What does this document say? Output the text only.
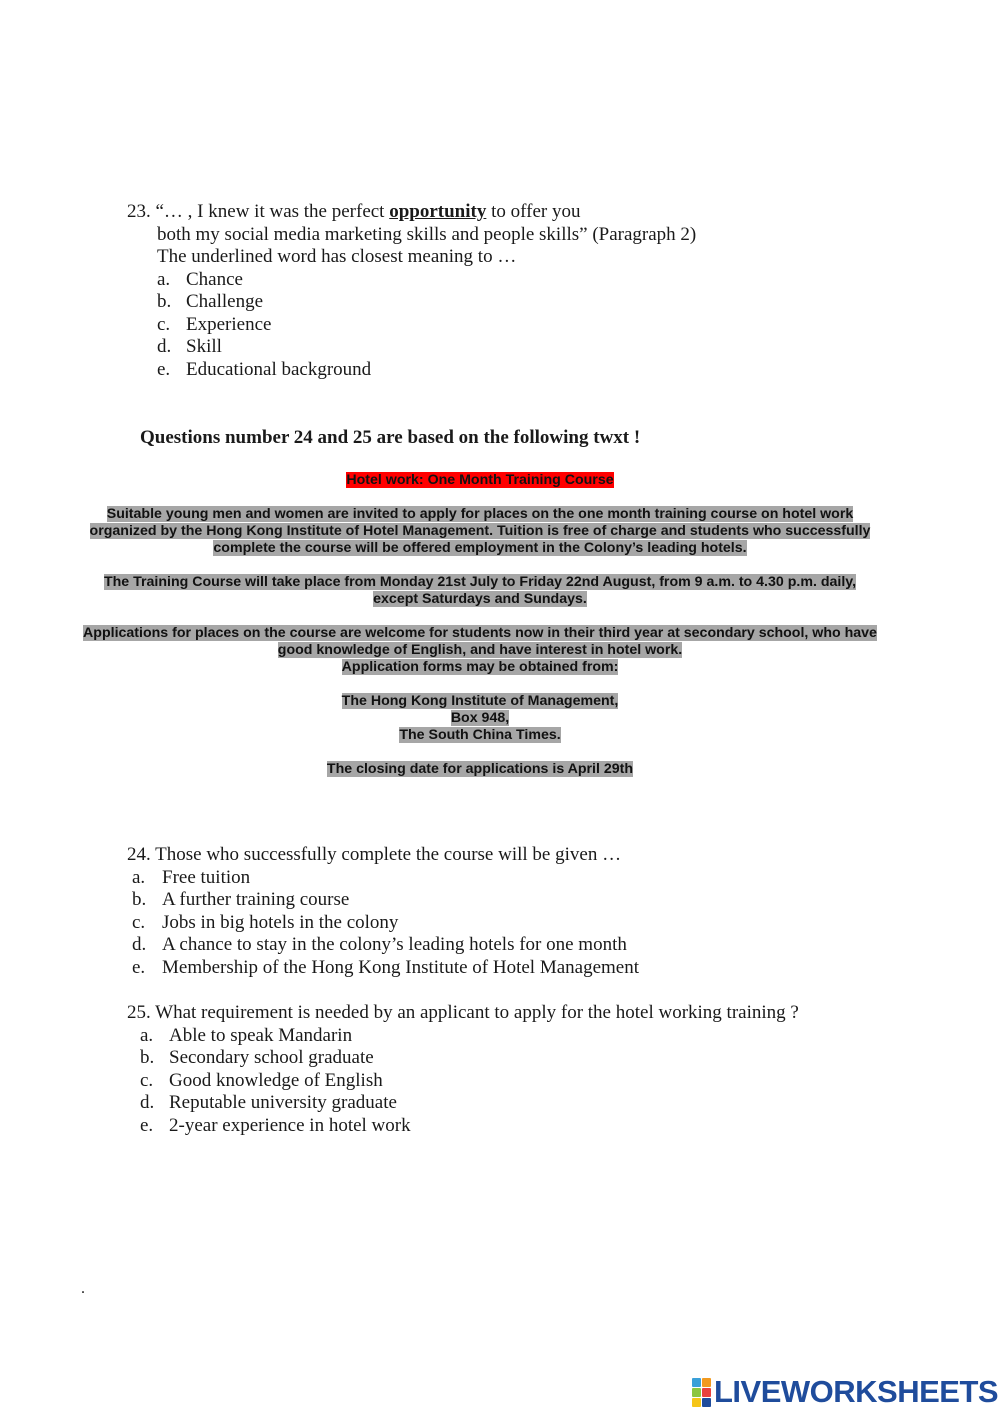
23. “… , I knew it was the perfect opportunity to offer you
both my social media marketing skills and people skills” (Paragraph 2)
The underlined word has closest meaning to …
a. Chance
b. Challenge
c. Experience
d. Skill
e. Educational background
Questions number 24 and 25 are based on the following twxt !
Hotel work: One Month Training Course
Suitable young men and women are invited to apply for places on the one month training course on hotel work organized by the Hong Kong Institute of Hotel Management. Tuition is free of charge and students who successfully complete the course will be offered employment in the Colony’s leading hotels.
The Training Course will take place from Monday 21st July to Friday 22nd August, from 9 a.m. to 4.30 p.m. daily, except Saturdays and Sundays.
Applications for places on the course are welcome for students now in their third year at secondary school, who have good knowledge of English, and have interest in hotel work.
Application forms may be obtained from:
The Hong Kong Institute of Management,
Box 948,
The South China Times.
The closing date for applications is April 29th
24. Those who successfully complete the course will be given …
a. Free tuition
b. A further training course
c. Jobs in big hotels in the colony
d. A chance to stay in the colony’s leading hotels for one month
e. Membership of the Hong Kong Institute of Hotel Management
25. What requirement is needed by an applicant to apply for the hotel working training ?
a. Able to speak Mandarin
b. Secondary school graduate
c. Good knowledge of English
d. Reputable university graduate
e. 2-year experience in hotel work
.
LIVEWORKSHEETS
